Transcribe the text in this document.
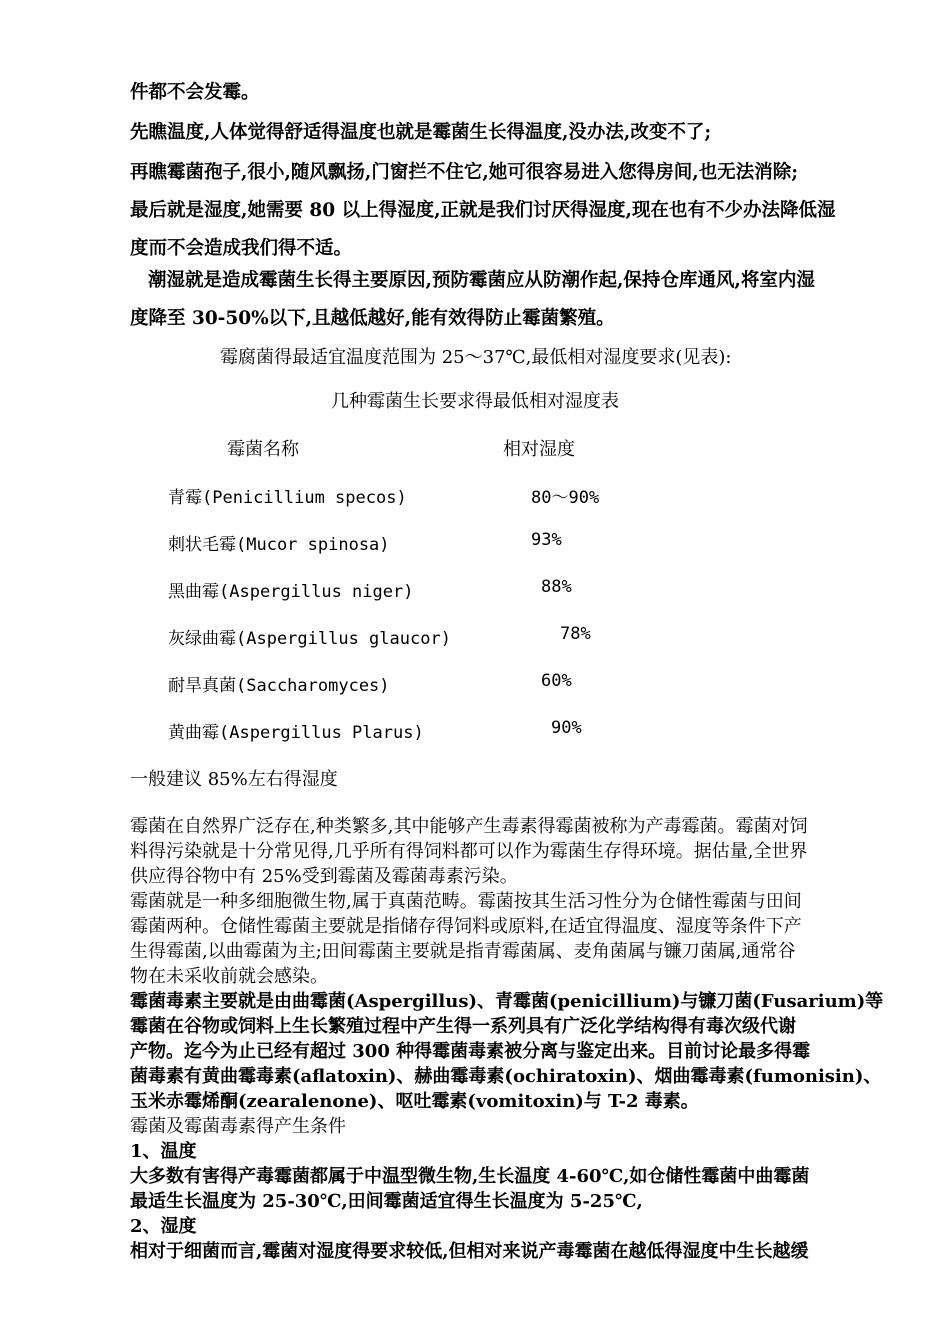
件都不会发霉。
先瞧温度,人体觉得舒适得温度也就是霉菌生长得温度,没办法,改变不了;
再瞧霉菌孢子,很小,随风飘扬,门窗拦不住它,她可很容易进入您得房间,也无法消除;
最后就是湿度,她需要 80 以上得湿度,正就是我们讨厌得湿度,现在也有不少办法降低湿
度而不会造成我们得不适。
潮湿就是造成霉菌生长得主要原因,预防霉菌应从防潮作起,保持仓库通风,将室内湿
度降至 30-50%以下,且越低越好,能有效得防止霉菌繁殖。
霉腐菌得最适宜温度范围为 25～37℃,最低相对湿度要求(见表):
几种霉菌生长要求得最低相对湿度表
霉菌名称	相对湿度
青霉(Penicillium specos)	80～90%
刺状毛霉(Mucor spinosa)	93%
黑曲霉(Aspergillus niger)	88%
灰绿曲霉(Aspergillus glaucor)	78%
耐旱真菌(Saccharomyces)	60%
黄曲霉(Aspergillus Plarus)	90%
一般建议 85%左右得湿度
霉菌在自然界广泛存在,种类繁多,其中能够产生毒素得霉菌被称为产毒霉菌。霉菌对饲
料得污染就是十分常见得,几乎所有得饲料都可以作为霉菌生存得环境。据估量,全世界
供应得谷物中有 25%受到霉菌及霉菌毒素污染。
霉菌就是一种多细胞微生物,属于真菌范畴。霉菌按其生活习性分为仓储性霉菌与田间
霉菌两种。仓储性霉菌主要就是指储存得饲料或原料,在适宜得温度、湿度等条件下产
生得霉菌,以曲霉菌为主;田间霉菌主要就是指青霉菌属、麦角菌属与镰刀菌属,通常谷
物在未采收前就会感染。
霉菌毒素主要就是由曲霉菌(Aspergillus)、青霉菌(penicillium)与镰刀菌(Fusarium)等
霉菌在谷物或饲料上生长繁殖过程中产生得一系列具有广泛化学结构得有毒次级代谢
产物。迄今为止已经有超过 300 种得霉菌毒素被分离与鉴定出来。目前讨论最多得霉
菌毒素有黄曲霉毒素(aflatoxin)、赫曲霉毒素(ochiratoxin)、烟曲霉毒素(fumonisin)、
玉米赤霉烯酮(zearalenone)、呕吐霉素(vomitoxin)与 T-2 毒素。
霉菌及霉菌毒素得产生条件
1、温度
大多数有害得产毒霉菌都属于中温型微生物,生长温度 4-60℃,如仓储性霉菌中曲霉菌
最适生长温度为 25-30℃,田间霉菌适宜得生长温度为 5-25℃,
2、湿度
相对于细菌而言,霉菌对湿度得要求较低,但相对来说产毒霉菌在越低得湿度中生长越缓
